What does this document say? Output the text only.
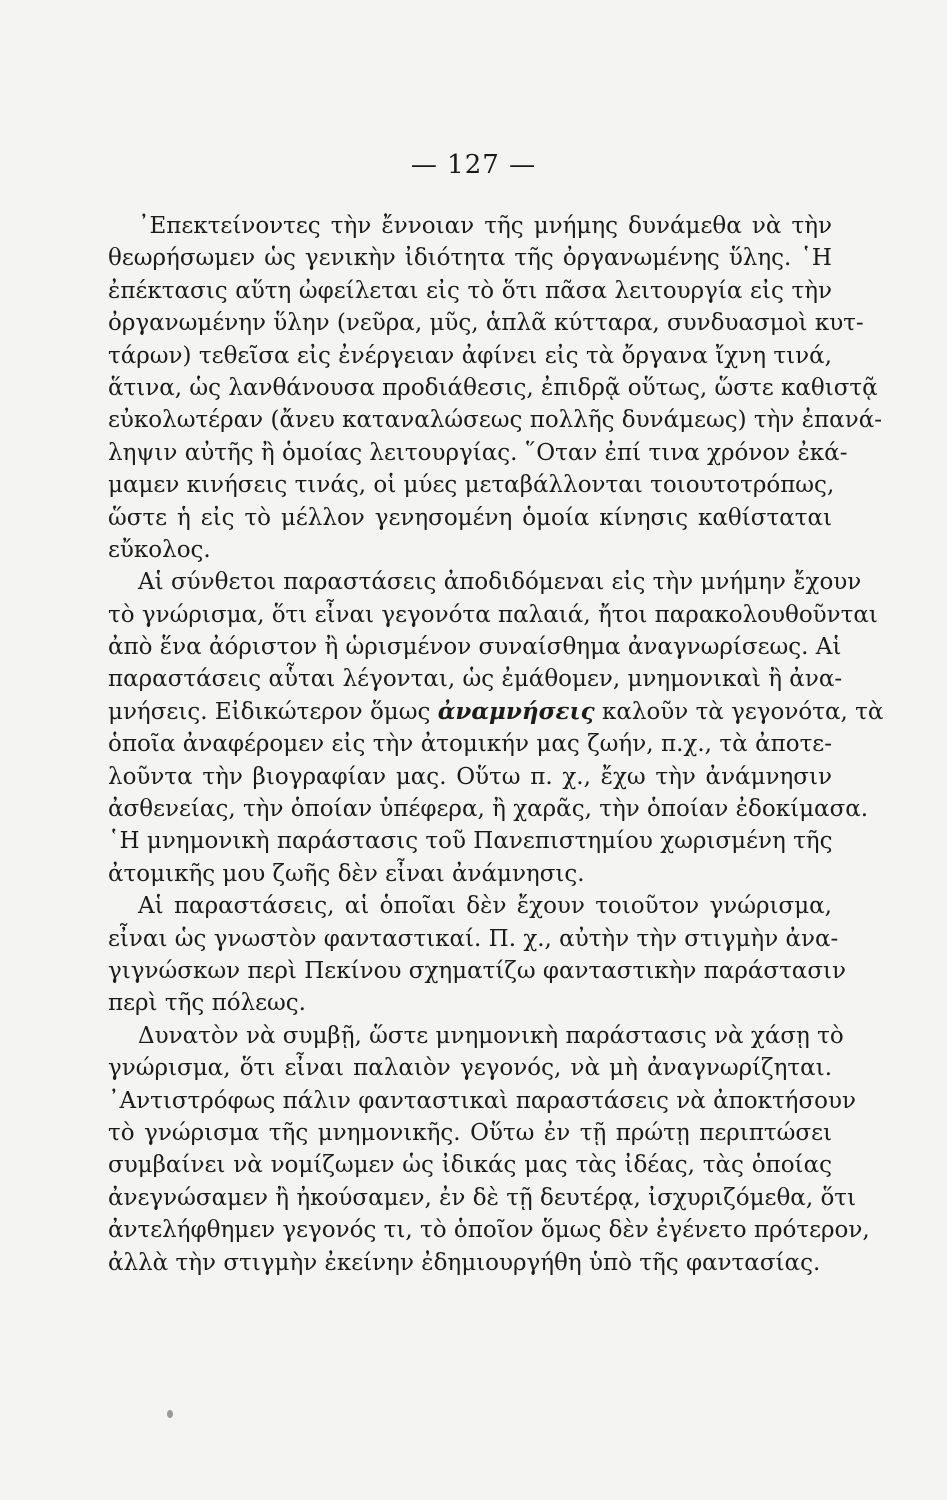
— 127 —
᾽Επεκτείνοντες τὴν ἔννοιαν τῆς μνήμης δυνάμεθα νὰ τὴν
θεωρήσωμεν ὡς γενικὴν ἰδιότητα τῆς ὀργανωμένης ὕλης. ῾Η
ἐπέκτασις αὕτη ὠφείλεται εἰς τὸ ὅτι πᾶσα λειτουργία εἰς τὴν
ὀργανωμένην ὕλην (νεῦρα, μῦς, ἁπλᾶ κύτταρα, συνδυασμοὶ κυτ-
τάρων) τεθεῖσα εἰς ἐνέργειαν ἀφίνει εἰς τὰ ὄργανα ἴχνη τινά,
ἅτινα, ὡς λανθάνουσα προδιάθεσις, ἐπιδρᾷ οὕτως, ὥστε καθιστᾷ
εὐκολωτέραν (ἄνευ καταναλώσεως πολλῆς δυνάμεως) τὴν ἐπανά-
ληψιν αὐτῆς ἢ ὁμοίας λειτουργίας. ῞Οταν ἐπί τινα χρόνον ἐκά-
μαμεν κινήσεις τινάς, οἱ μύες μεταβάλλονται τοιουτοτρόπως,
ὥστε ἡ εἰς τὸ μέλλον γενησομένη ὁμοία κίνησις καθίσταται
εὔκολος.
Αἱ σύνθετοι παραστάσεις ἀποδιδόμεναι εἰς τὴν μνήμην ἔχουν
τὸ γνώρισμα, ὅτι εἶναι γεγονότα παλαιά, ἤτοι παρακολουθοῦνται
ἀπὸ ἕνα ἀόριστον ἢ ὡρισμένον συναίσθημα ἀναγνωρίσεως. Αἱ
παραστάσεις αὗται λέγονται, ὡς ἐμάθομεν, μνημονικαὶ ἢ ἀνα-
μνήσεις. Εἰδικώτερον ὅμως ἀναμνήσεις καλοῦν τὰ γεγονότα, τὰ
ὁποῖα ἀναφέρομεν εἰς τὴν ἀτομικήν μας ζωήν, π.χ., τὰ ἀποτε-
λοῦντα τὴν βιογραφίαν μας. Οὕτω π. χ., ἔχω τὴν ἀνάμνησιν
ἀσθενείας, τὴν ὁποίαν ὑπέφερα, ἢ χαρᾶς, τὴν ὁποίαν ἐδοκίμασα.
῾Η μνημονικὴ παράστασις τοῦ Πανεπιστημίου χωρισμένη τῆς
ἀτομικῆς μου ζωῆς δὲν εἶναι ἀνάμνησις.
Αἱ παραστάσεις, αἱ ὁποῖαι δὲν ἔχουν τοιοῦτον γνώρισμα,
εἶναι ὡς γνωστὸν φανταστικαί. Π. χ., αὐτὴν τὴν στιγμὴν ἀνα-
γιγνώσκων περὶ Πεκίνου σχηματίζω φανταστικὴν παράστασιν
περὶ τῆς πόλεως.
Δυνατὸν νὰ συμβῇ, ὥστε μνημονικὴ παράστασις νὰ χάσῃ τὸ
γνώρισμα, ὅτι εἶναι παλαιὸν γεγονός, νὰ μὴ ἀναγνωρίζηται.
᾽Αντιστρόφως πάλιν φανταστικαὶ παραστάσεις νὰ ἀποκτήσουν
τὸ γνώρισμα τῆς μνημονικῆς. Οὕτω ἐν τῇ πρώτῃ περιπτώσει
συμβαίνει νὰ νομίζωμεν ὡς ἰδικάς μας τὰς ἰδέας, τὰς ὁποίας
ἀνεγνώσαμεν ἢ ἠκούσαμεν, ἐν δὲ τῇ δευτέρᾳ, ἰσχυριζόμεθα, ὅτι
ἀντελήφθημεν γεγονός τι, τὸ ὁποῖον ὅμως δὲν ἐγένετο πρότερον,
ἀλλὰ τὴν στιγμὴν ἐκείνην ἐδημιουργήθη ὑπὸ τῆς φαντασίας.
